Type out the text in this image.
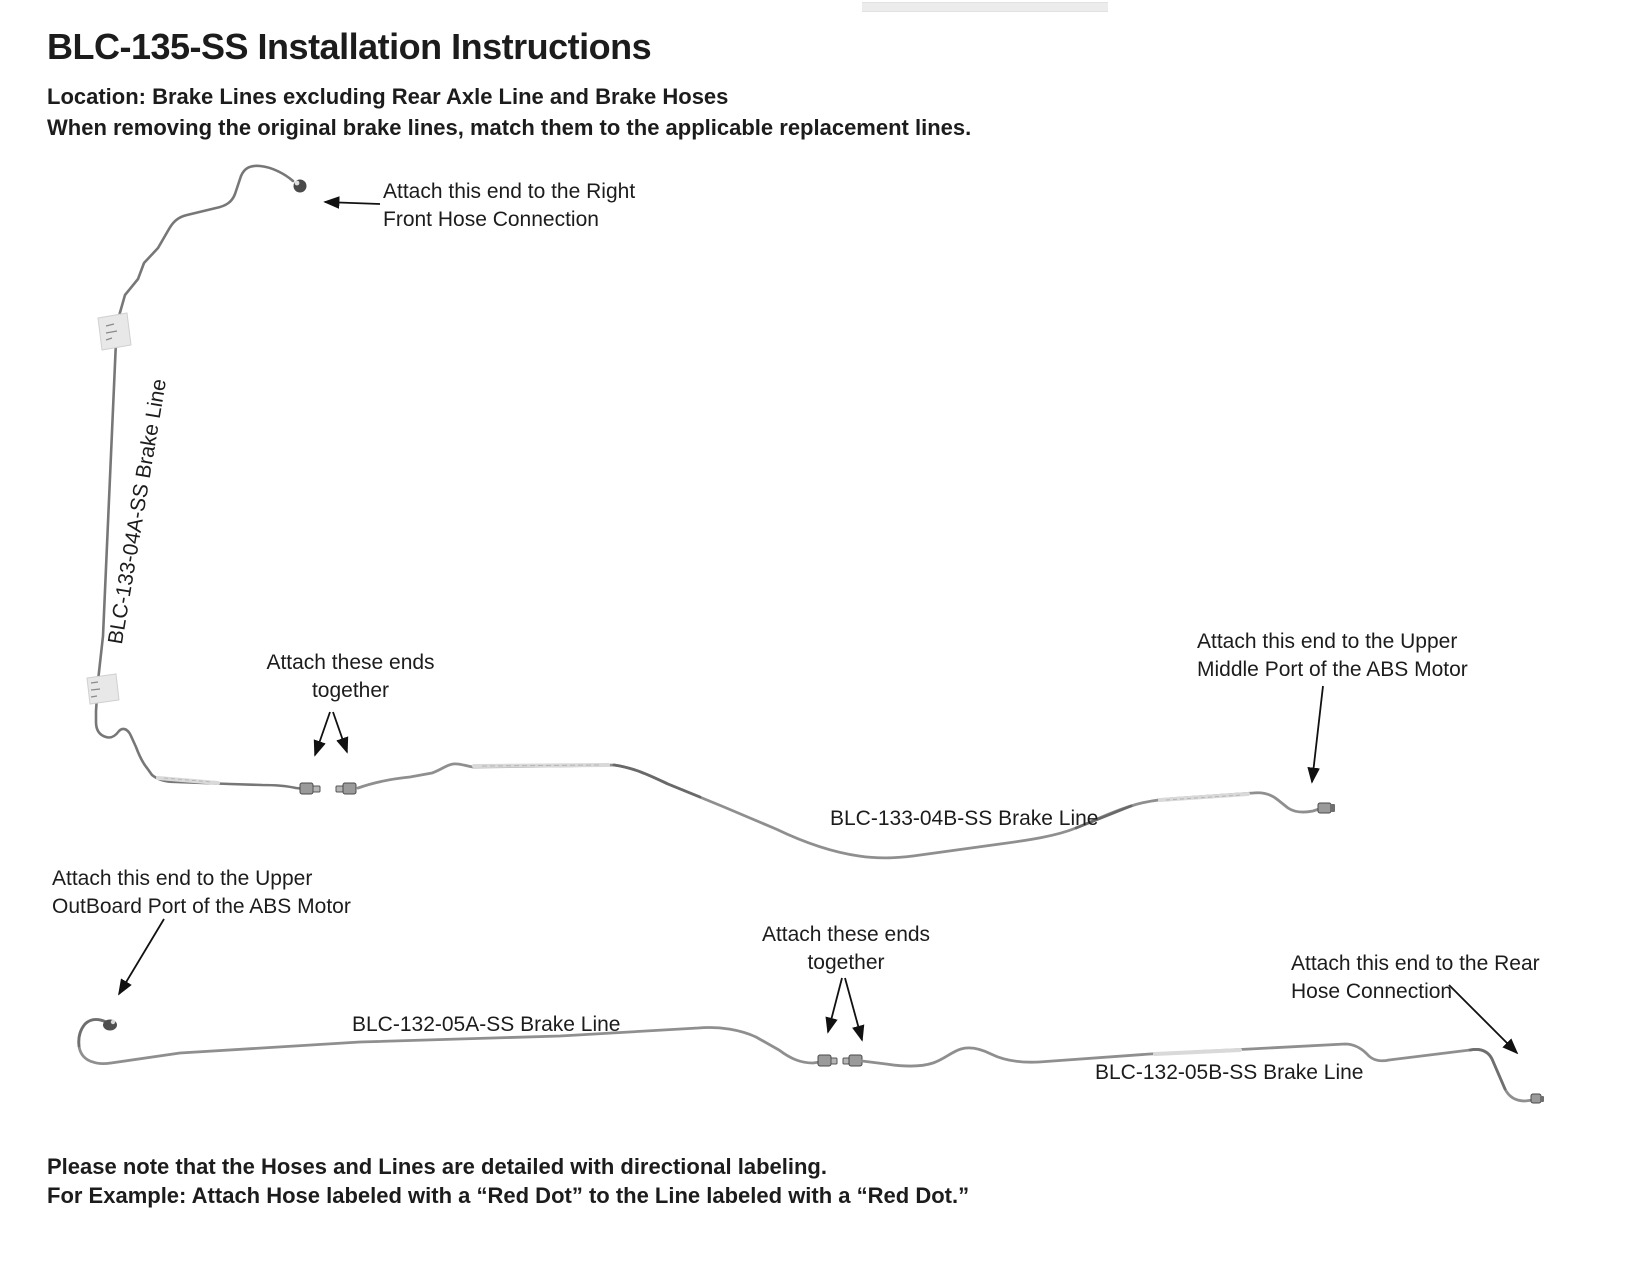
BLC-135-SS Installation Instructions
Location: Brake Lines excluding Rear Axle Line and Brake Hoses
When removing the original brake lines, match them to the applicable replacement lines.
Attach this end to the Right
Front Hose Connection
BLC-133-04A-SS Brake Line
Attach these ends
together
BLC-133-04B-SS Brake Line
Attach this end to the Upper
Middle Port of the ABS Motor
Attach this end to the Upper
OutBoard Port of the ABS Motor
BLC-132-05A-SS Brake Line
Attach these ends
together	Attach this end to the Rear
Hose Connection
BLC-132-05B-SS Brake Line
Please note that the Hoses and Lines are detailed with directional labeling.
For Example: Attach Hose labeled with a “Red Dot” to the Line labeled with a “Red Dot.”
